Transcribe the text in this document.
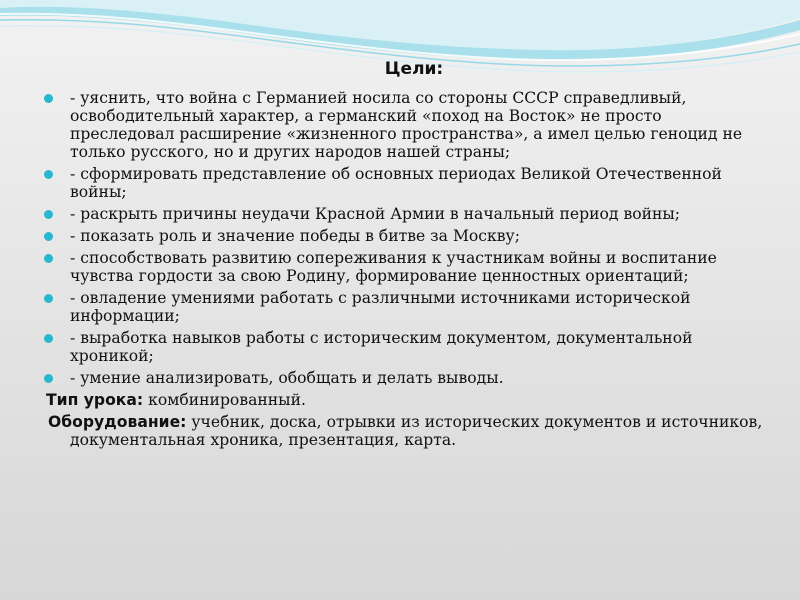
Цели:
- уяснить, что война с Германией носила со стороны СССР справедливый, освободительный характер, а германский «поход на Восток» не просто преследовал расширение «жизненного пространства», а имел целью геноцид не только русского, но и других народов нашей страны;
- сформировать представление об основных периодах Великой Отечественной войны;
- раскрыть причины неудачи Красной Армии в начальный период войны;
- показать роль и значение победы в битве за Москву;
- способствовать развитию сопереживания к участникам войны и воспитание чувства гордости за свою Родину, формирование ценностных ориентаций;
- овладение умениями работать с различными источниками исторической информации;
- выработка навыков работы с историческим документом, документальной хроникой;
- умение анализировать, обобщать и делать выводы.
Тип урока: комбинированный.
Оборудование: учебник, доска, отрывки из исторических документов и источников, документальная хроника, презентация, карта.
